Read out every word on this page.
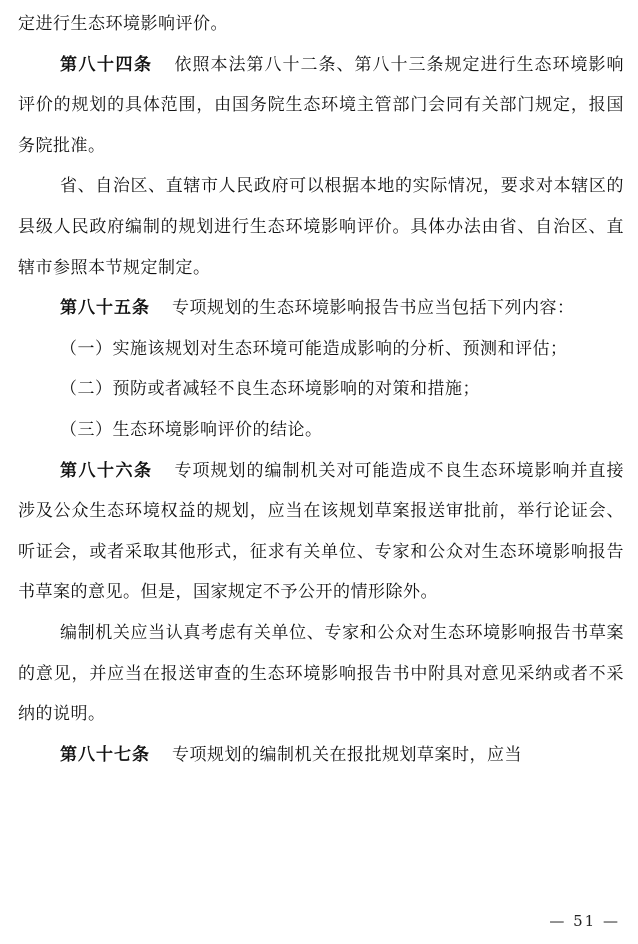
定进行生态环境影响评价。

第八十四条 依照本法第八十二条、第八十三条规定进行生态环境影响评价的规划的具体范围，由国务院生态环境主管部门会同有关部门规定，报国务院批准。

省、自治区、直辖市人民政府可以根据本地的实际情况，要求对本辖区的县级人民政府编制的规划进行生态环境影响评价。具体办法由省、自治区、直辖市参照本节规定制定。

第八十五条 专项规划的生态环境影响报告书应当包括下列内容：

（一）实施该规划对生态环境可能造成影响的分析、预测和评估；

（二）预防或者减轻不良生态环境影响的对策和措施；

（三）生态环境影响评价的结论。

第八十六条 专项规划的编制机关对可能造成不良生态环境影响并直接涉及公众生态环境权益的规划，应当在该规划草案报送审批前，举行论证会、听证会，或者采取其他形式，征求有关单位、专家和公众对生态环境影响报告书草案的意见。但是，国家规定不予公开的情形除外。

编制机关应当认真考虑有关单位、专家和公众对生态环境影响报告书草案的意见，并应当在报送审查的生态环境影响报告书中附具对意见采纳或者不采纳的说明。

第八十七条 专项规划的编制机关在报批规划草案时，应当

— 51 —
